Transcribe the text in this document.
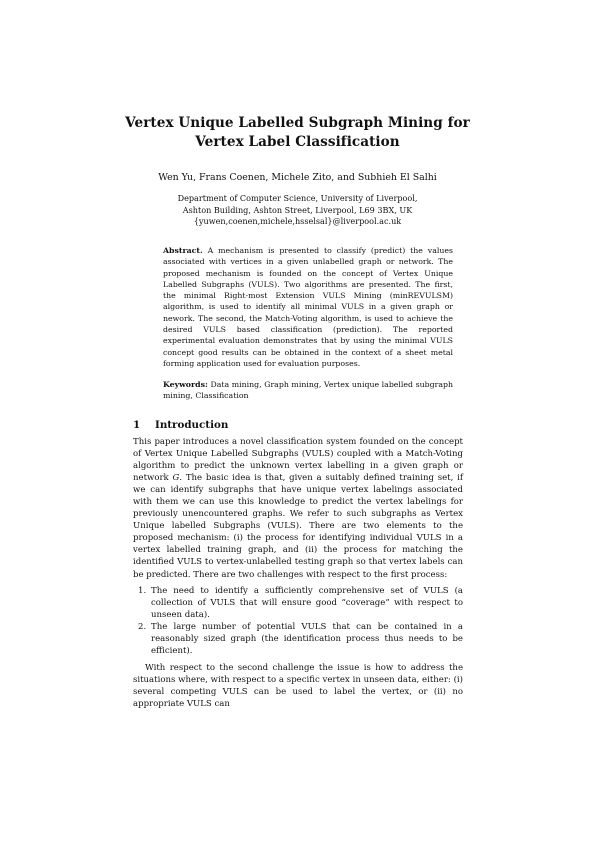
Vertex Unique Labelled Subgraph Mining for
Vertex Label Classification
Wen Yu, Frans Coenen, Michele Zito, and Subhieh El Salhi
Department of Computer Science, University of Liverpool,
Ashton Building, Ashton Street, Liverpool, L69 3BX, UK
{yuwen,coenen,michele,hsselsal}@liverpool.ac.uk

Abstract. A mechanism is presented to classify (predict) the values associated with vertices in a given unlabelled graph or network. The proposed mechanism is founded on the concept of Vertex Unique Labelled Subgraphs (VULS). Two algorithms are presented. The first, the minimal Right-most Extension VULS Mining (minREVULSM) algorithm, is used to identify all minimal VULS in a given graph or nework. The second, the Match-Voting algorithm, is used to achieve the desired VULS based classification (prediction). The reported experimental evaluation demonstrates that by using the minimal VULS concept good results can be obtained in the context of a sheet metal forming application used for evaluation purposes.

Keywords: Data mining, Graph mining, Vertex unique labelled subgraph mining, Classification
1 Introduction

This paper introduces a novel classification system founded on the concept of Vertex Unique Labelled Subgraphs (VULS) coupled with a Match-Voting algorithm to predict the unknown vertex labelling in a given graph or network G. The basic idea is that, given a suitably defined training set, if we can identify subgraphs that have unique vertex labelings associated with them we can use this knowledge to predict the vertex labelings for previously unencountered graphs. We refer to such subgraphs as Vertex Unique labelled Subgraphs (VULS). There are two elements to the proposed mechanism: (i) the process for identifying individual VULS in a vertex labelled training graph, and (ii) the process for matching the identified VULS to vertex-unlabelled testing graph so that vertex labels can be predicted. There are two challenges with respect to the first process:

1. The need to identify a sufficiently comprehensive set of VULS (a collection of VULS that will ensure good “coverage” with respect to unseen data).
2. The large number of potential VULS that can be contained in a reasonably sized graph (the identification process thus needs to be efficient).

With respect to the second challenge the issue is how to address the situations where, with respect to a specific vertex in unseen data, either: (i) several competing VULS can be used to label the vertex, or (ii) no appropriate VULS can
